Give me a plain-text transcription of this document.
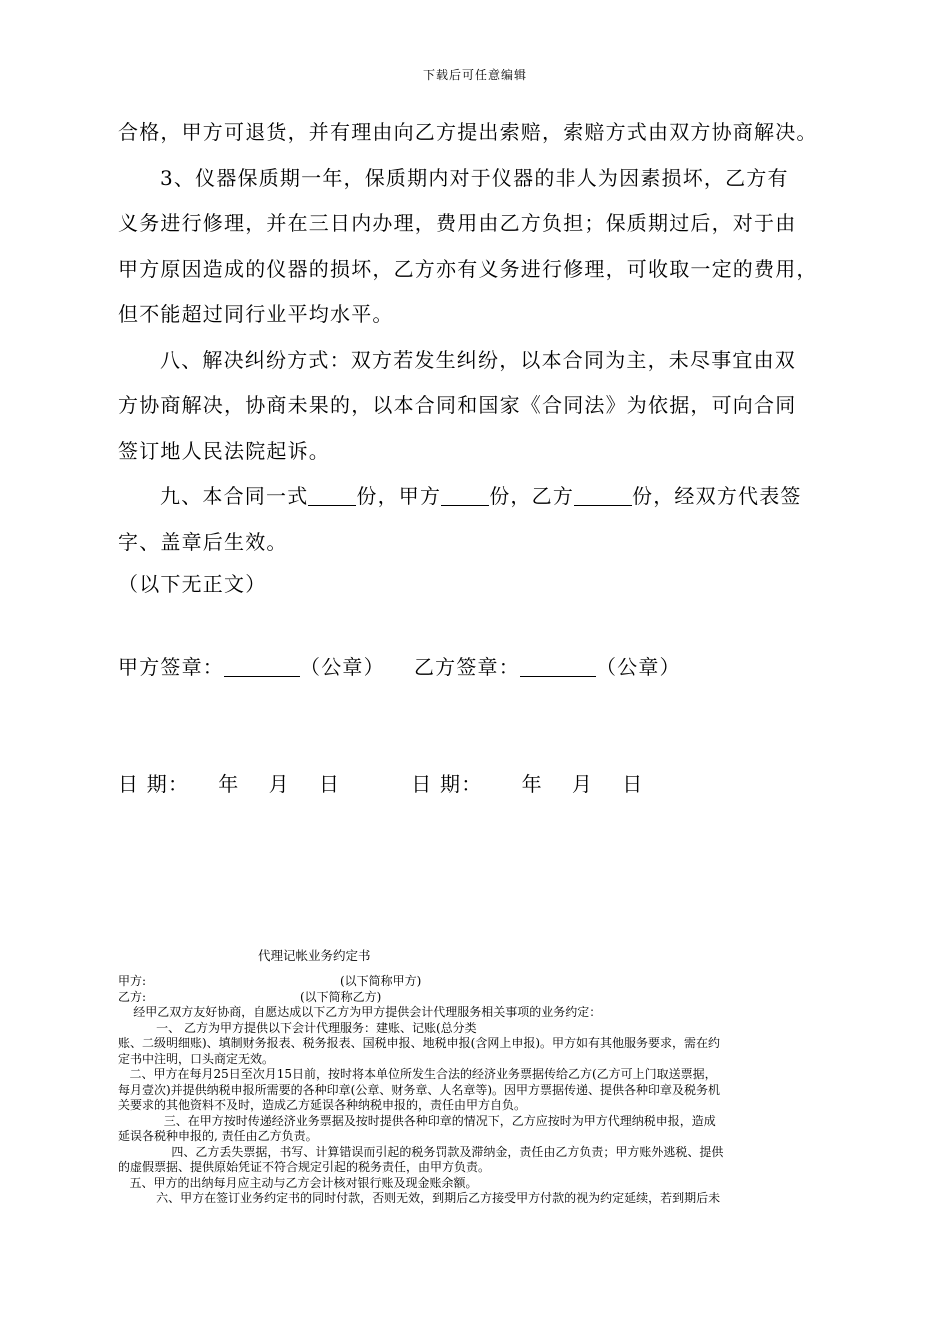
下载后可任意编辑

合格，甲方可退货，并有理由向乙方提出索赔，索赔方式由双方协商解决。

3、仪器保质期一年，保质期内对于仪器的非人为因素损坏，乙方有

义务进行修理，并在三日内办理，费用由乙方负担；保质期过后，对于由

甲方原因造成的仪器的损坏，乙方亦有义务进行修理，可收取一定的费用，

但不能超过同行业平均水平。

八、解决纠纷方式：双方若发生纠纷，以本合同为主，未尽事宜由双

方协商解决，协商未果的，以本合同和国家《合同法》为依据，可向合同

签订地人民法院起诉。

九、本合同一式 份，甲方 份，乙方	份，经双方代表签

字、盖章后生效。

（以下无正文）
甲方签章：	（公章） 乙方签章：	（公章）
日 期： 年 月 日	日 期： 年 月 日
代理记帐业务约定书

甲方:	(以下简称甲方)

乙方:	(以下简称乙方)

经甲乙双方友好协商，自愿达成以下乙方为甲方提供会计代理服务相关事项的业务约定：

一、 乙方为甲方提供以下会计代理服务：建账、记账(总分类

账、二级明细账)、填制财务报表、税务报表、国税申报、地税申报(含网上申报)。甲方如有其他服务要求，需在约

定书中注明，口头商定无效。

二、甲方在每月25日至次月15日前，按时将本单位所发生合法的经济业务票据传给乙方(乙方可上门取送票据，

每月壹次)并提供纳税申报所需要的各种印章(公章、财务章、人名章等)。因甲方票据传递、提供各种印章及税务机

关要求的其他资料不及时，造成乙方延误各种纳税申报的，责任由甲方自负。

三、在甲方按时传递经济业务票据及按时提供各种印章的情况下，乙方应按时为甲方代理纳税申报，造成

延误各税种申报的, 责任由乙方负责。

四、乙方丢失票据，书写、计算错误而引起的税务罚款及滞纳金，责任由乙方负责；甲方账外逃税、提供

的虚假票据、提供原始凭证不符合规定引起的税务责任，由甲方负责。

五、甲方的出纳每月应主动与乙方会计核对银行账及现金账余额。

六、甲方在签订业务约定书的同时付款，否则无效，到期后乙方接受甲方付款的视为约定延续，若到期后未
